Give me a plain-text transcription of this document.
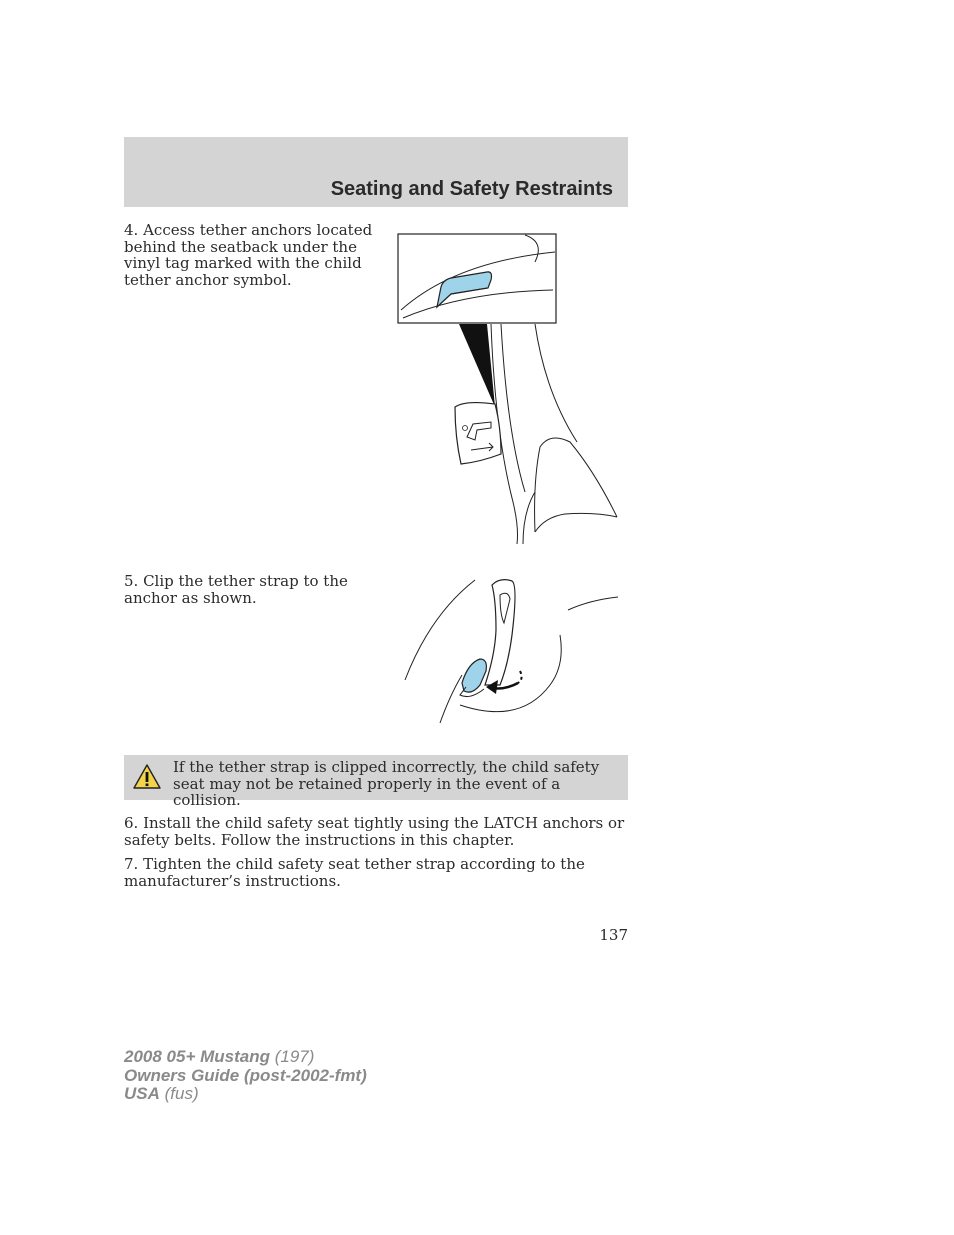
Seating and Safety Restraints

4. Access tether anchors located behind the seatback under the vinyl tag marked with the child tether anchor symbol.

5. Clip the tether strap to the anchor as shown.

If the tether strap is clipped incorrectly, the child safety seat may not be retained properly in the event of a collision.

6. Install the child safety seat tightly using the LATCH anchors or safety belts. Follow the instructions in this chapter.

7. Tighten the child safety seat tether strap according to the manufacturer’s instructions.

137
2008 05+ Mustang (197)
Owners Guide (post-2002-fmt)
USA (fus)
